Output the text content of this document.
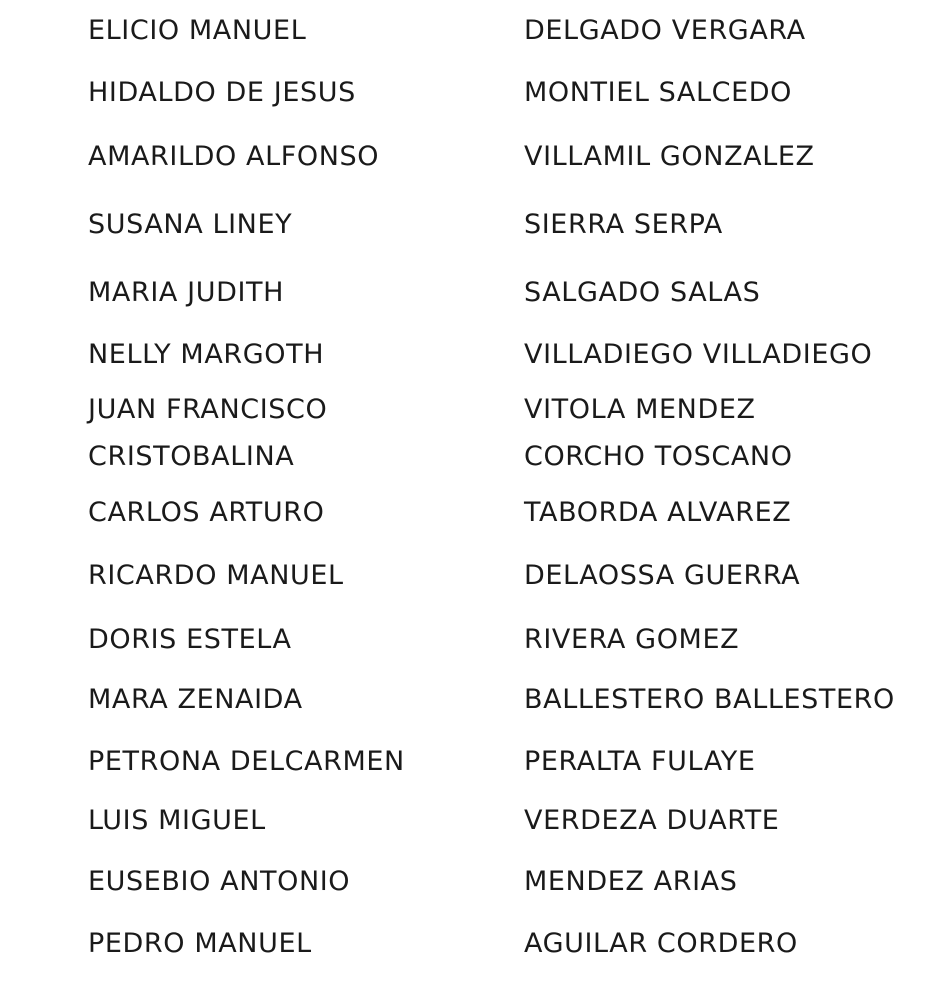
ELICIO MANUEL	DELGADO VERGARA
HIDALDO DE JESUS	MONTIEL SALCEDO
AMARILDO ALFONSO	VILLAMIL GONZALEZ
SUSANA LINEY	SIERRA SERPA
MARIA JUDITH	SALGADO SALAS
NELLY MARGOTH	VILLADIEGO VILLADIEGO
JUAN FRANCISCO	VITOLA MENDEZ
CRISTOBALINA	CORCHO TOSCANO
CARLOS ARTURO	TABORDA ALVAREZ
RICARDO MANUEL	DELAOSSA GUERRA
DORIS ESTELA	RIVERA GOMEZ
MARA ZENAIDA	BALLESTERO BALLESTERO
PETRONA DELCARMEN	PERALTA FULAYE
LUIS MIGUEL	VERDEZA DUARTE
EUSEBIO ANTONIO	MENDEZ ARIAS
PEDRO MANUEL	AGUILAR CORDERO
